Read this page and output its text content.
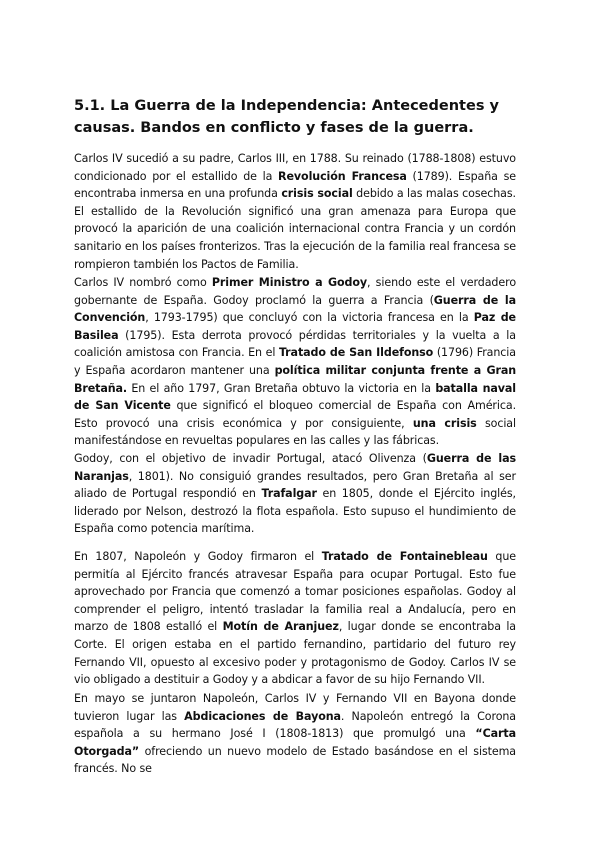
5.1. La Guerra de la Independencia: Antecedentes y causas. Bandos en conflicto y fases de la guerra.

Carlos IV sucedió a su padre, Carlos III, en 1788. Su reinado (1788-1808) estuvo condicionado por el estallido de la Revolución Francesa (1789). España se encontraba inmersa en una profunda crisis social debido a las malas cosechas. El estallido de la Revolución significó una gran amenaza para Europa que provocó la aparición de una coalición internacional contra Francia y un cordón sanitario en los países fronterizos. Tras la ejecución de la familia real francesa se rompieron también los Pactos de Familia.

Carlos IV nombró como Primer Ministro a Godoy, siendo este el verdadero gobernante de España. Godoy proclamó la guerra a Francia (Guerra de la Convención, 1793-1795) que concluyó con la victoria francesa en la Paz de Basilea (1795). Esta derrota provocó pérdidas territoriales y la vuelta a la coalición amistosa con Francia. En el Tratado de San Ildefonso (1796) Francia y España acordaron mantener una política militar conjunta frente a Gran Bretaña. En el año 1797, Gran Bretaña obtuvo la victoria en la batalla naval de San Vicente que significó el bloqueo comercial de España con América. Esto provocó una crisis económica y por consiguiente, una crisis social manifestándose en revueltas populares en las calles y las fábricas.

Godoy, con el objetivo de invadir Portugal, atacó Olivenza (Guerra de las Naranjas, 1801). No consiguió grandes resultados, pero Gran Bretaña al ser aliado de Portugal respondió en Trafalgar en 1805, donde el Ejército inglés, liderado por Nelson, destrozó la flota española. Esto supuso el hundimiento de España como potencia marítima.

En 1807, Napoleón y Godoy firmaron el Tratado de Fontainebleau que permitía al Ejército francés atravesar España para ocupar Portugal. Esto fue aprovechado por Francia que comenzó a tomar posiciones españolas. Godoy al comprender el peligro, intentó trasladar la familia real a Andalucía, pero en marzo de 1808 estalló el Motín de Aranjuez, lugar donde se encontraba la Corte. El origen estaba en el partido fernandino, partidario del futuro rey Fernando VII, opuesto al excesivo poder y protagonismo de Godoy. Carlos IV se vio obligado a destituir a Godoy y a abdicar a favor de su hijo Fernando VII.

En mayo se juntaron Napoleón, Carlos IV y Fernando VII en Bayona donde tuvieron lugar las Abdicaciones de Bayona. Napoleón entregó la Corona española a su hermano José I (1808-1813) que promulgó una “Carta Otorgada” ofreciendo un nuevo modelo de Estado basándose en el sistema francés. No se
